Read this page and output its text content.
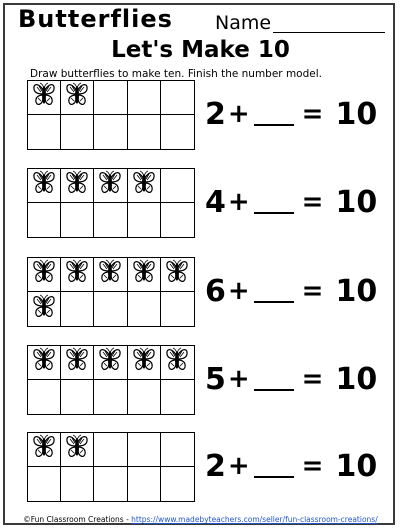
Butterflies Name
Let's Make 10
Draw butterflies to make ten. Finish the number model.
2 + = 10
4 + = 10
6 + = 10
5 + = 10
2 + = 10
©Fun Classroom Creations - https://www.madebyteachers.com/seller/fun-classroom-creations/
